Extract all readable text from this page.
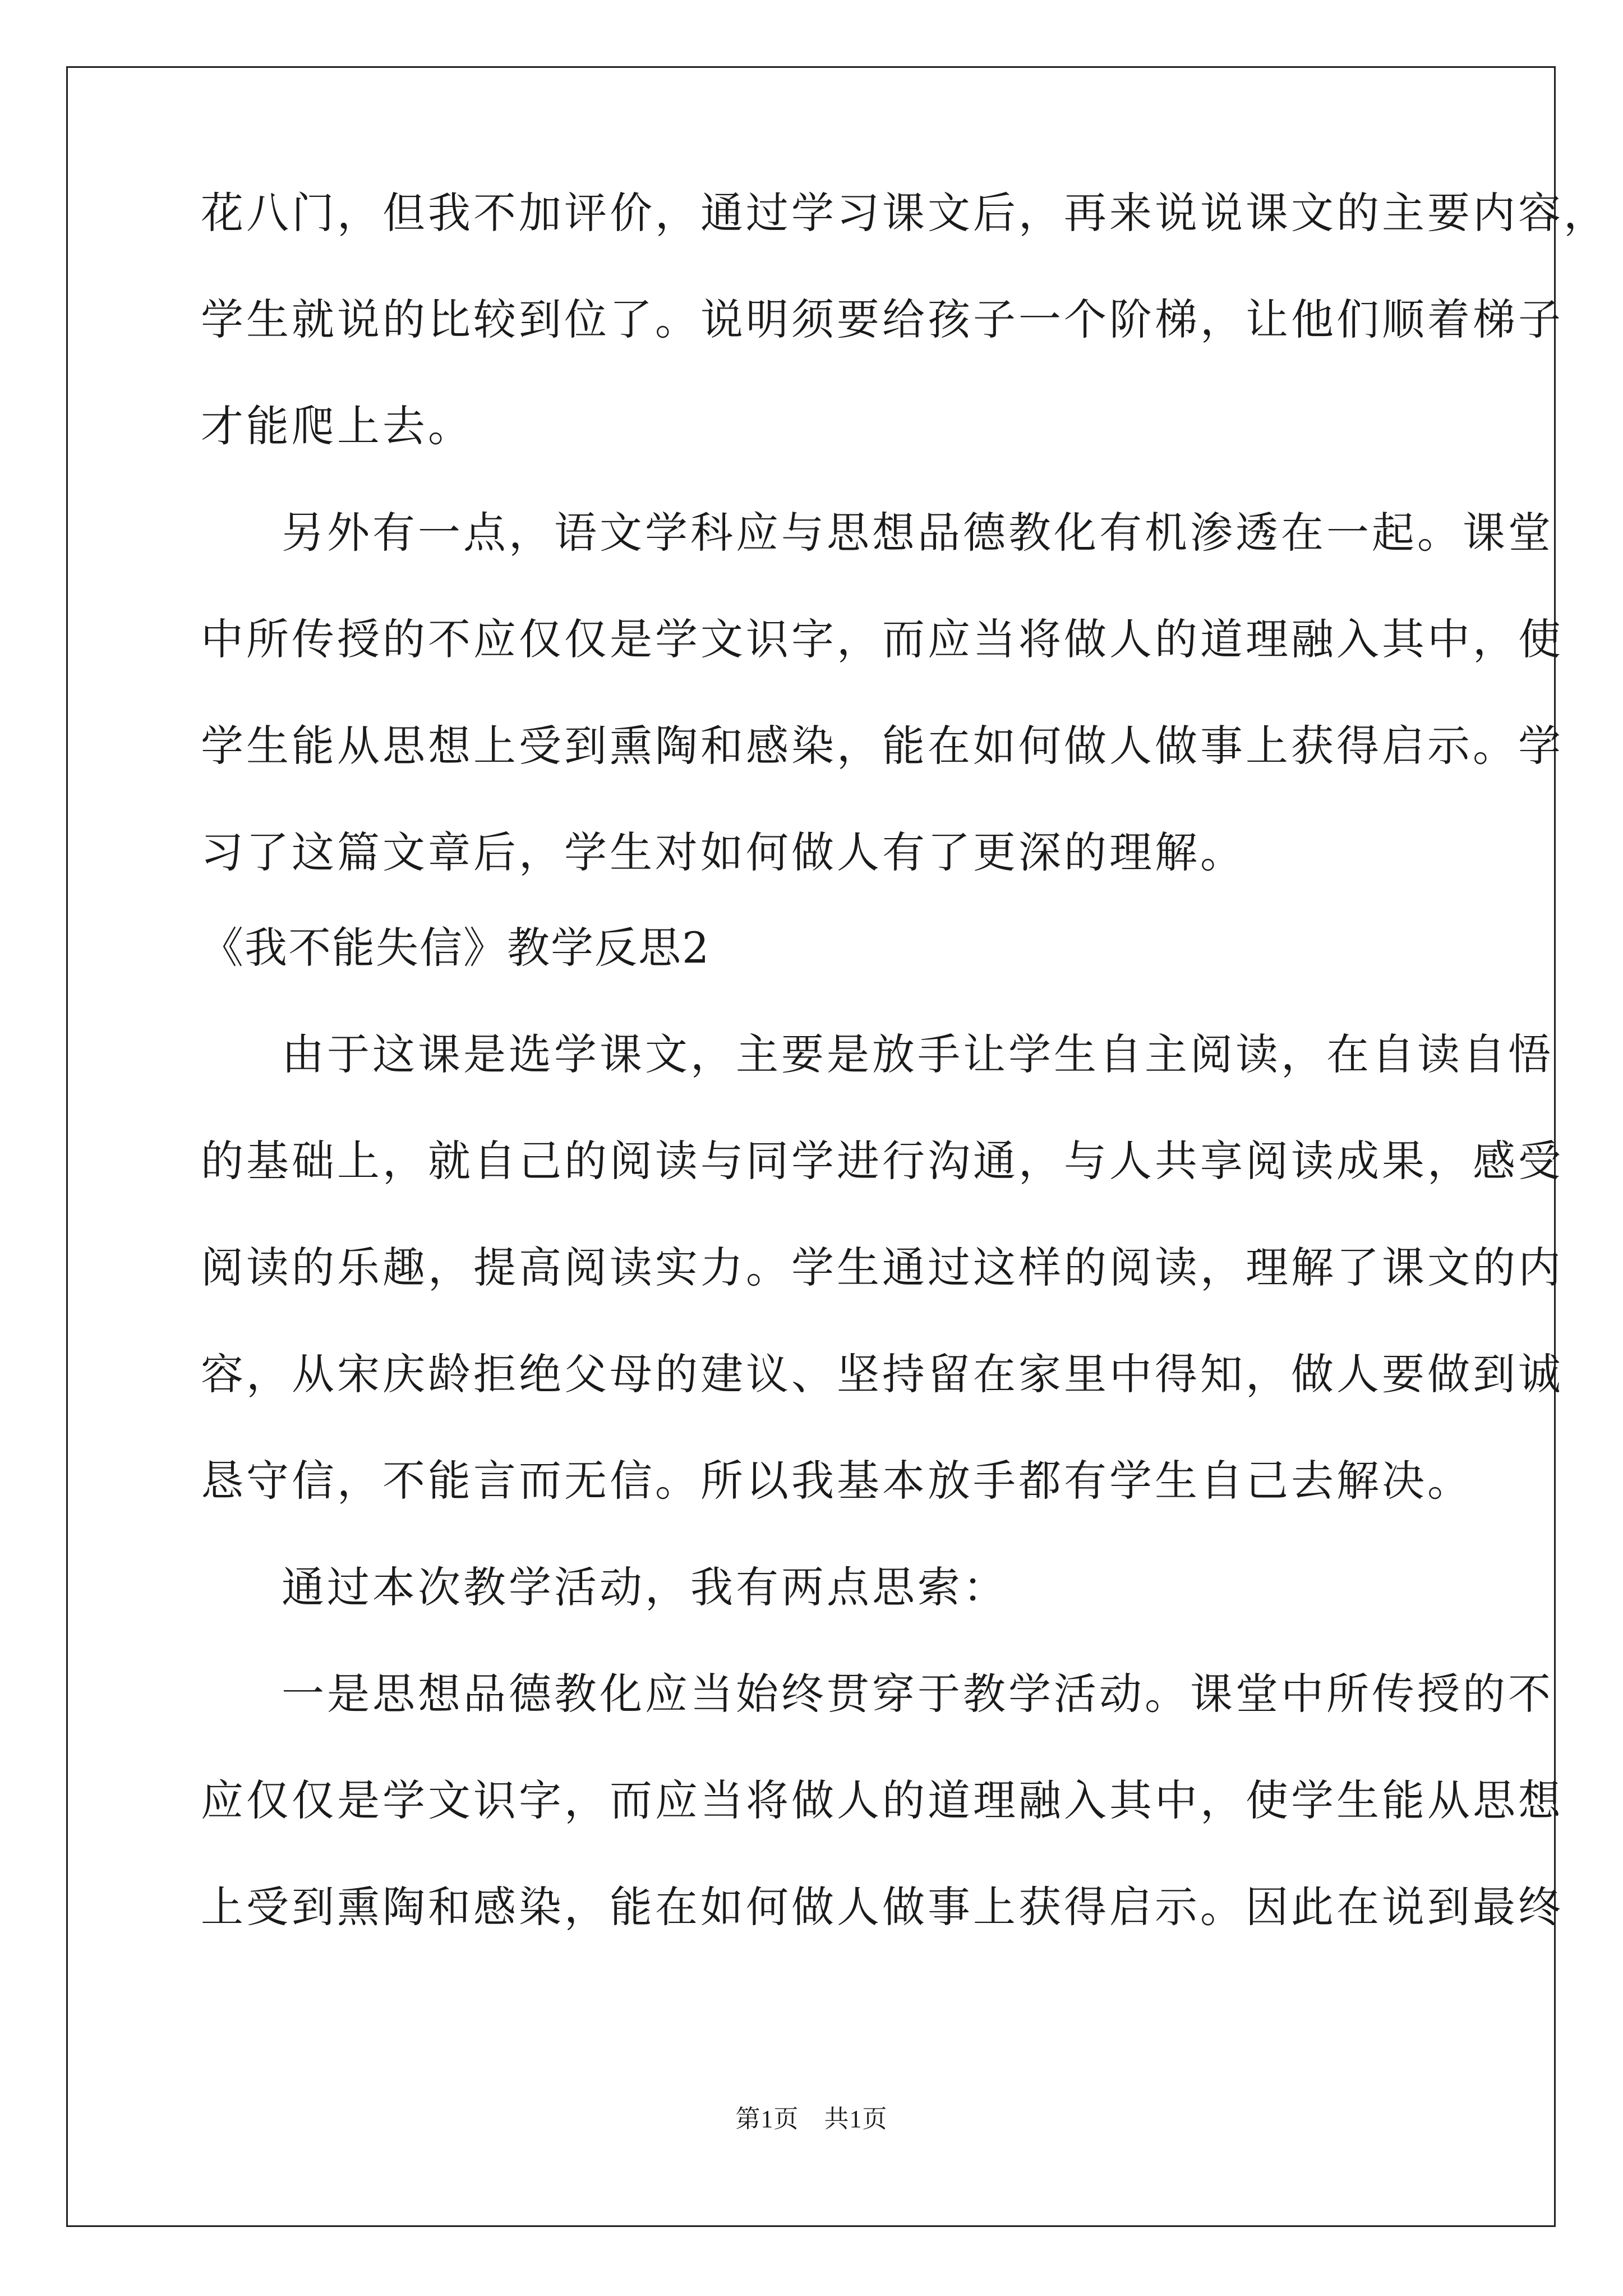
花八门，但我不加评价，通过学习课文后，再来说说课文的主要内容，
学生就说的比较到位了。说明须要给孩子一个阶梯，让他们顺着梯子
才能爬上去。
另外有一点，语文学科应与思想品德教化有机渗透在一起。课堂
中所传授的不应仅仅是学文识字，而应当将做人的道理融入其中，使
学生能从思想上受到熏陶和感染，能在如何做人做事上获得启示。学
习了这篇文章后，学生对如何做人有了更深的理解。
《我不能失信》教学反思2
由于这课是选学课文，主要是放手让学生自主阅读，在自读自悟
的基础上，就自己的阅读与同学进行沟通，与人共享阅读成果，感受
阅读的乐趣，提高阅读实力。学生通过这样的阅读，理解了课文的内
容，从宋庆龄拒绝父母的建议、坚持留在家里中得知，做人要做到诚
恳守信，不能言而无信。所以我基本放手都有学生自己去解决。
通过本次教学活动，我有两点思索：
一是思想品德教化应当始终贯穿于教学活动。课堂中所传授的不
应仅仅是学文识字，而应当将做人的道理融入其中，使学生能从思想
上受到熏陶和感染，能在如何做人做事上获得启示。因此在说到最终
第1页　共1页
